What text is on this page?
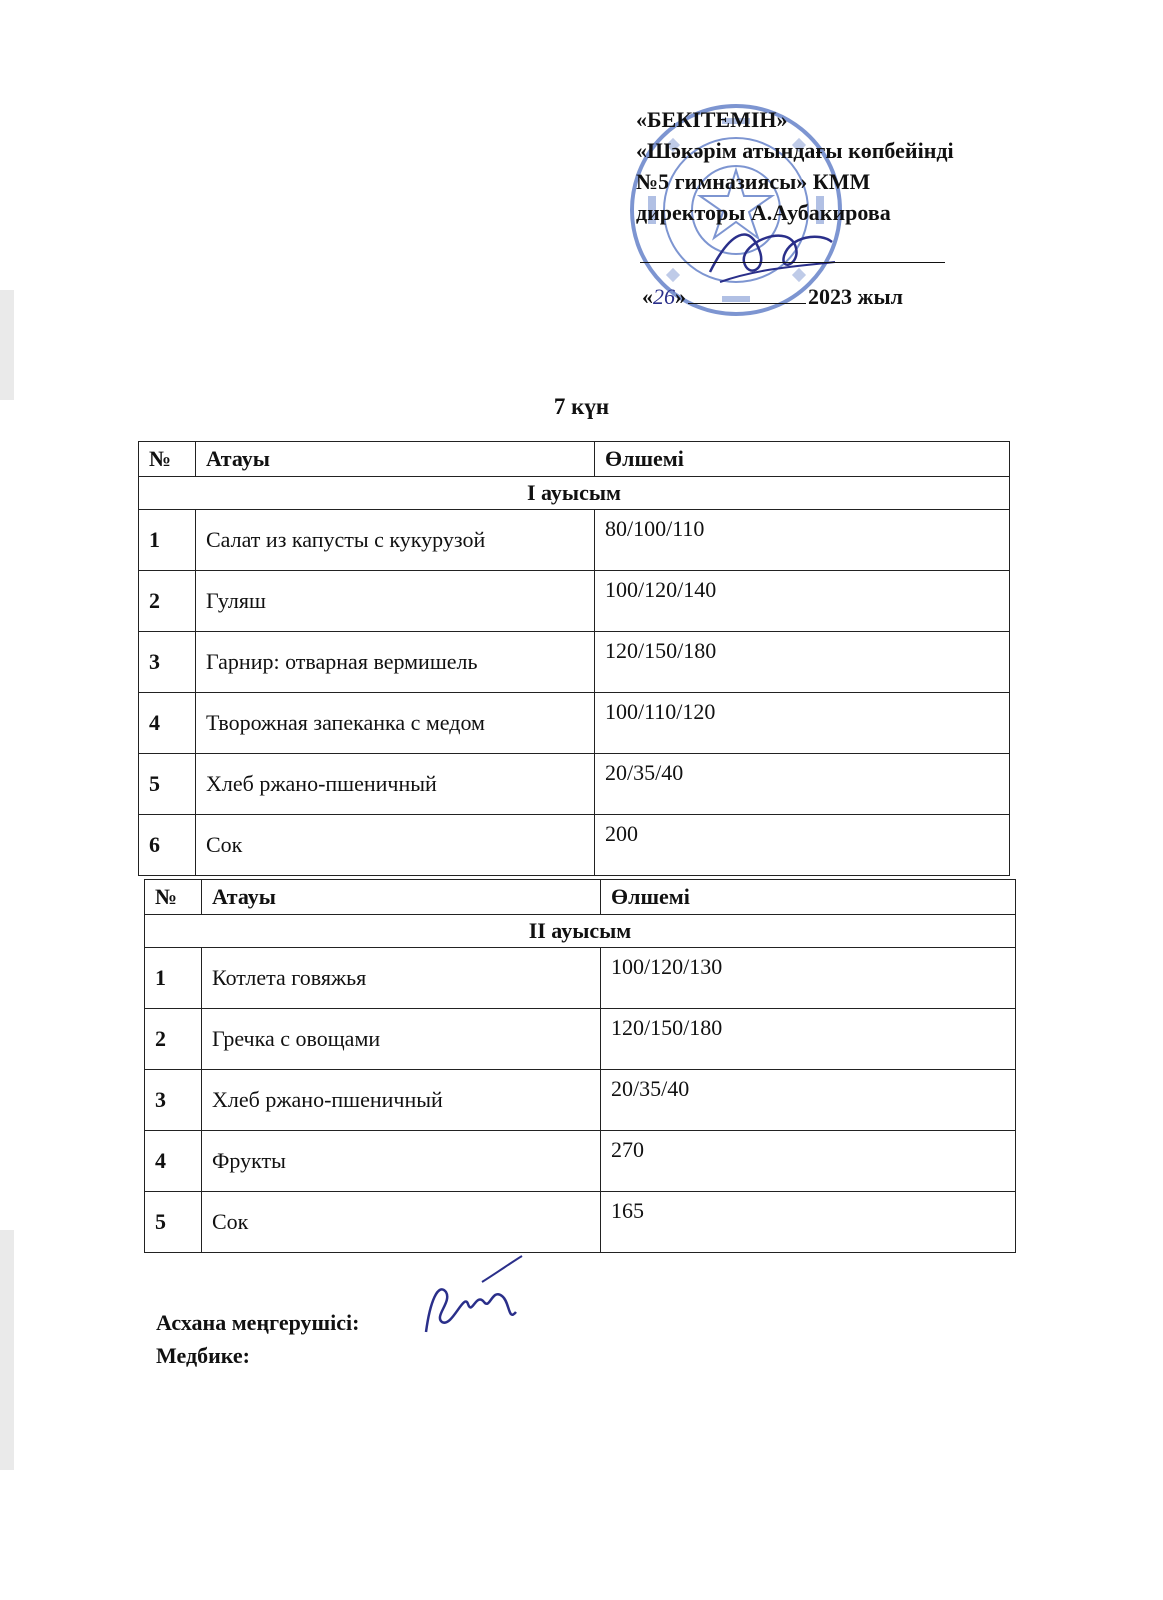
«БЕКІТЕМІН»
«Шәкәрім атындағы көпбейінді
№5 гимназиясы» КММ
директоры А.Аубакирова
«26»	2023 жыл
7 күн
№	Атауы	Өлшемі
І ауысым		
1	Салат из капусты с кукурузой	80/100/110
2	Гуляш	100/120/140
3	Гарнир: отварная вермишель	120/150/180
4	Творожная запеканка с медом	100/110/120
5	Хлеб ржано-пшеничный	20/35/40
6	Сок	200
№	Атауы	Өлшемі
ІІ ауысым		
1	Котлета говяжья	100/120/130
2	Гречка с овощами	120/150/180
3	Хлеб ржано-пшеничный	20/35/40
4	Фрукты	270
5	Сок	165
Асхана меңгерушісі:
Медбике:
